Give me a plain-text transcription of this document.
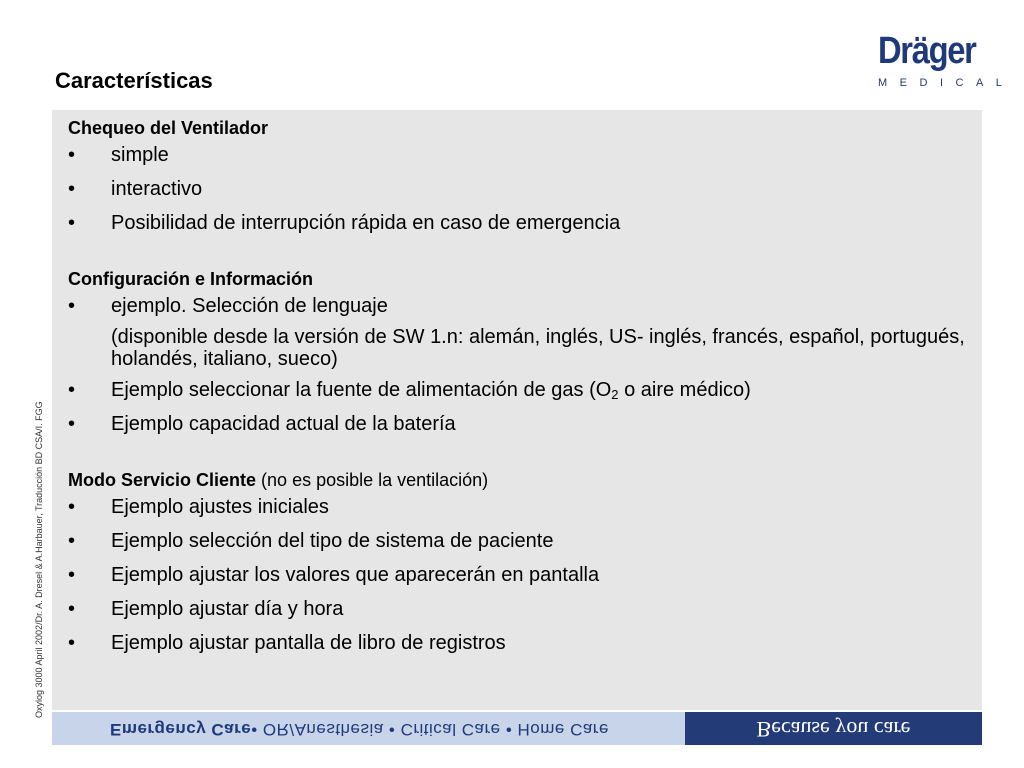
Características
Dräger
MEDICAL
Oxylog 3000 April 2002/Dr. A. Dresel & A.Harbauer, Traducción BD CSA/I. FGG
Chequeo del Ventilador
•	simple
•	interactivo
•	Posibilidad de interrupción rápida en caso de emergencia
Configuración e Información
•	ejemplo. Selección de lenguaje
(disponible desde la versión de SW 1.n: alemán, inglés, US- inglés, francés, español, portugués, holandés, italiano, sueco)
•	Ejemplo seleccionar la fuente de alimentación de gas ($O_2$ o aire médico)
•	Ejemplo capacidad actual de la batería
Modo Servicio Cliente (no es posible la ventilación)
•	Ejemplo ajustes iniciales
•	Ejemplo selección del tipo de sistema de paciente
•	Ejemplo ajustar los valores que aparecerán en pantalla
•	Ejemplo ajustar día y hora
•	Ejemplo ajustar pantalla de libro de registros
Emergency Care• OR/Anesthesia • Critical Care • Home Care	Because you care
